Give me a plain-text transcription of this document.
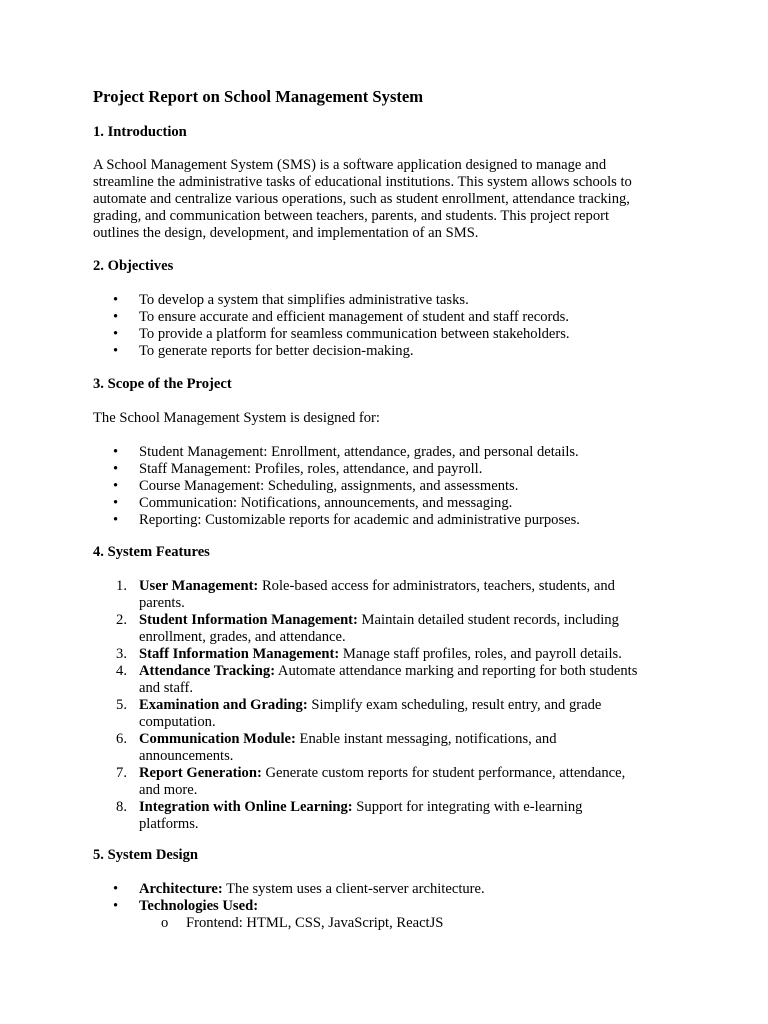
Project Report on School Management System
1. Introduction

A School Management System (SMS) is a software application designed to manage and
streamline the administrative tasks of educational institutions. This system allows schools to
automate and centralize various operations, such as student enrollment, attendance tracking,
grading, and communication between teachers, parents, and students. This project report
outlines the design, development, and implementation of an SMS.

2. Objectives
• To develop a system that simplifies administrative tasks.
• To ensure accurate and efficient management of student and staff records.
• To provide a platform for seamless communication between stakeholders.
• To generate reports for better decision-making.
3. Scope of the Project

The School Management System is designed for:

• Student Management: Enrollment, attendance, grades, and personal details.
• Staff Management: Profiles, roles, attendance, and payroll.
• Course Management: Scheduling, assignments, and assessments.
• Communication: Notifications, announcements, and messaging.
• Reporting: Customizable reports for academic and administrative purposes.
4. System Features
1. User Management: Role-based access for administrators, teachers, students, and
parents.
2. Student Information Management: Maintain detailed student records, including
enrollment, grades, and attendance.
3. Staff Information Management: Manage staff profiles, roles, and payroll details.
4. Attendance Tracking: Automate attendance marking and reporting for both students
and staff.
5. Examination and Grading: Simplify exam scheduling, result entry, and grade
computation.
6. Communication Module: Enable instant messaging, notifications, and
announcements.
7. Report Generation: Generate custom reports for student performance, attendance,
and more.
8. Integration with Online Learning: Support for integrating with e-learning
platforms.
5. System Design
• Architecture: The system uses a client-server architecture.
• Technologies Used:
o Frontend: HTML, CSS, JavaScript, ReactJS
